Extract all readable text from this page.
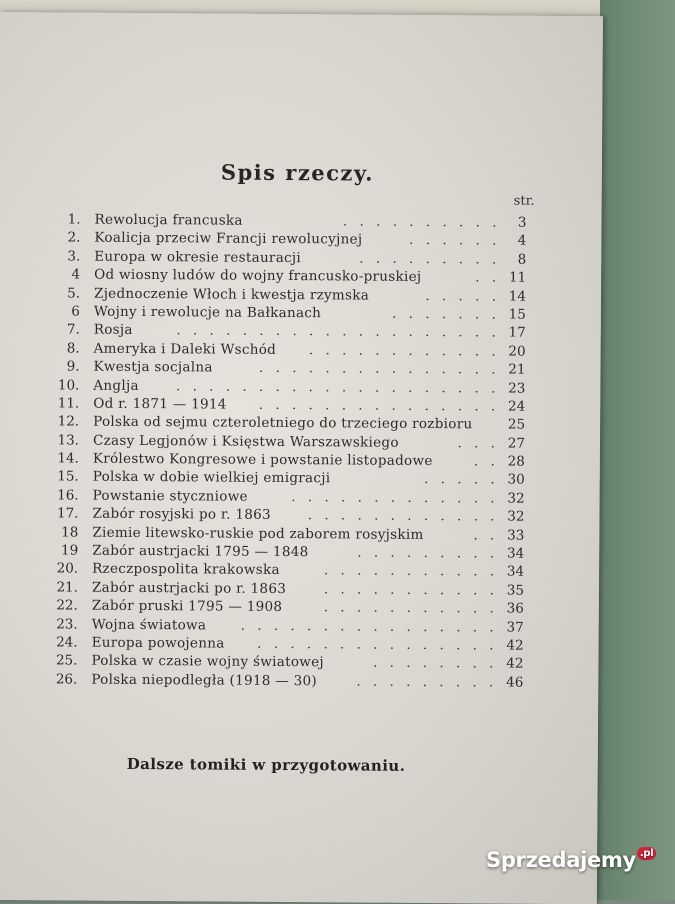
Spis rzeczy.
str.
1. Rewolucja francuska	. . . . . . . . . .	3
2. Koalicja przeciw Francji rewolucyjnej	. . . . . .	4
3. Europa w okresie restauracji	. . . . . . . . .	8
4 Od wiosny ludów do wojny francusko-pruskiej	. . 11
5. Zjednoczenie Włoch i kwestja rzymska	. . . . . 14
6 Wojny i rewolucje na Bałkanach	. . . . . . . 15
7. Rosja	. . . . . . . . . . . . . . . . . . . . 17
8. Ameryka i Daleki Wschód . . . . . . . . . . . . 20
9. Kwestja socjalna	. . . . . . . . . . . . . . . 21
10. Anglja	. . . . . . . . . . . . . . . . . . . . 23
11. Od r. 1871 — 1914 . . . . . . . . . . . . . . . 24
12. Polska od sejmu czteroletniego do trzeciego rozbioru	25
13. Czasy Legjonów i Księstwa Warszawskiego	. . . 27
14. Królestwo Kongresowe i powstanie listopadowe	. . 28
15. Polska w dobie wielkiej emigracji	. . . . . 30
16. Powstanie styczniowe	. . . . . . . . . . . . . 32
17. Zabór rosyjski po r. 1863	. . . . . . . . . . . . 32
18 Ziemie litewsko-ruskie pod zaborem rosyjskim	. . 33
19 Zabór austrjacki 1795 — 1848	. . . . . . . . . 34
20. Rzeczpospolita krakowska	. . . . . . . . . . . 34
21. Zabór austrjacki po r. 1863	. . . . . . . . . . . 35
22. Zabór pruski 1795 — 1908	. . . . . . . . . . . 36
23. Wojna światowa	. . . . . . . . . . . . . . . . 37
24. Europa powojenna . . . . . . . . . . . . . . . 42
25. Polska w czasie wojny światowej	. . . . . . . . 42
26. Polska niepodległa (1918 — 30)	. . . . . . . . . 46
Dalsze tomiki w przygotowaniu.
Sprzedajemy $^{.pl}$
